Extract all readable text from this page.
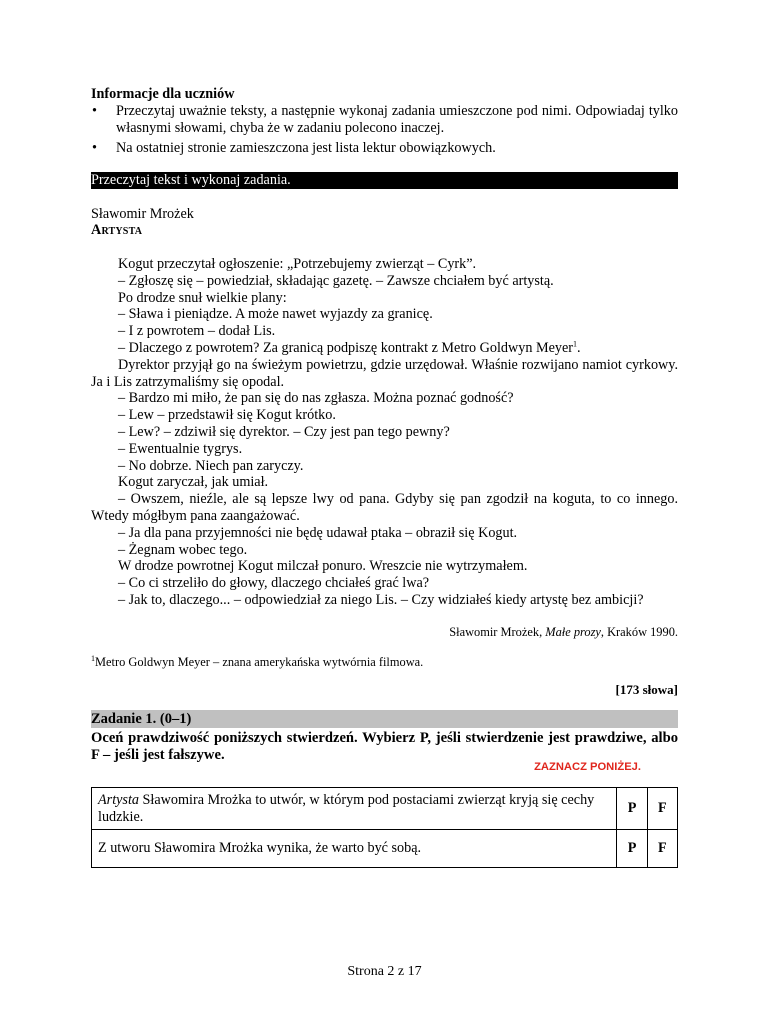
Informacje dla uczniów
• Przeczytaj uważnie teksty, a następnie wykonaj zadania umieszczone pod nimi. Odpowiadaj tylko własnymi słowami, chyba że w zadaniu polecono inaczej.
• Na ostatniej stronie zamieszczona jest lista lektur obowiązkowych.
Przeczytaj tekst i wykonaj zadania.
Sławomir Mrożek
Artysta

Kogut przeczytał ogłoszenie: „Potrzebujemy zwierząt – Cyrk”.

– Zgłoszę się – powiedział, składając gazetę. – Zawsze chciałem być artystą.

Po drodze snuł wielkie plany:

– Sława i pieniądze. A może nawet wyjazdy za granicę.

– I z powrotem – dodał Lis.

– Dlaczego z powrotem? Za granicą podpiszę kontrakt z Metro Goldwyn Meyer$^1$.

Dyrektor przyjął go na świeżym powietrzu, gdzie urzędował. Właśnie rozwijano namiot cyrkowy. Ja i Lis zatrzymaliśmy się opodal.

– Bardzo mi miło, że pan się do nas zgłasza. Można poznać godność?

– Lew – przedstawił się Kogut krótko.

– Lew? – zdziwił się dyrektor. – Czy jest pan tego pewny?

– Ewentualnie tygrys.

– No dobrze. Niech pan zaryczy.

Kogut zaryczał, jak umiał.

– Owszem, nieźle, ale są lepsze lwy od pana. Gdyby się pan zgodził na koguta, to co innego. Wtedy mógłbym pana zaangażować.

– Ja dla pana przyjemności nie będę udawał ptaka – obraził się Kogut.

– Żegnam wobec tego.

W drodze powrotnej Kogut milczał ponuro. Wreszcie nie wytrzymałem.

– Co ci strzeliło do głowy, dlaczego chciałeś grać lwa?

– Jak to, dlaczego... – odpowiedział za niego Lis. – Czy widziałeś kiedy artystę bez ambicji?

Sławomir Mrożek, Małe prozy, Kraków 1990.
$^1$Metro Goldwyn Meyer – znana amerykańska wytwórnia filmowa.
[173 słowa]
Zadanie 1. (0–1)
Oceń prawdziwość poniższych stwierdzeń. Wybierz P, jeśli stwierdzenie jest prawdziwe, albo F – jeśli jest fałszywe.
ZAZNACZ PONIŻEJ.
Artysta Sławomira Mrożka to utwór, w którym pod postaciami zwierząt kryją się cechy ludzkie.	P	F
Z utworu Sławomira Mrożka wynika, że warto być sobą.	P	F
Strona 2 z 17
